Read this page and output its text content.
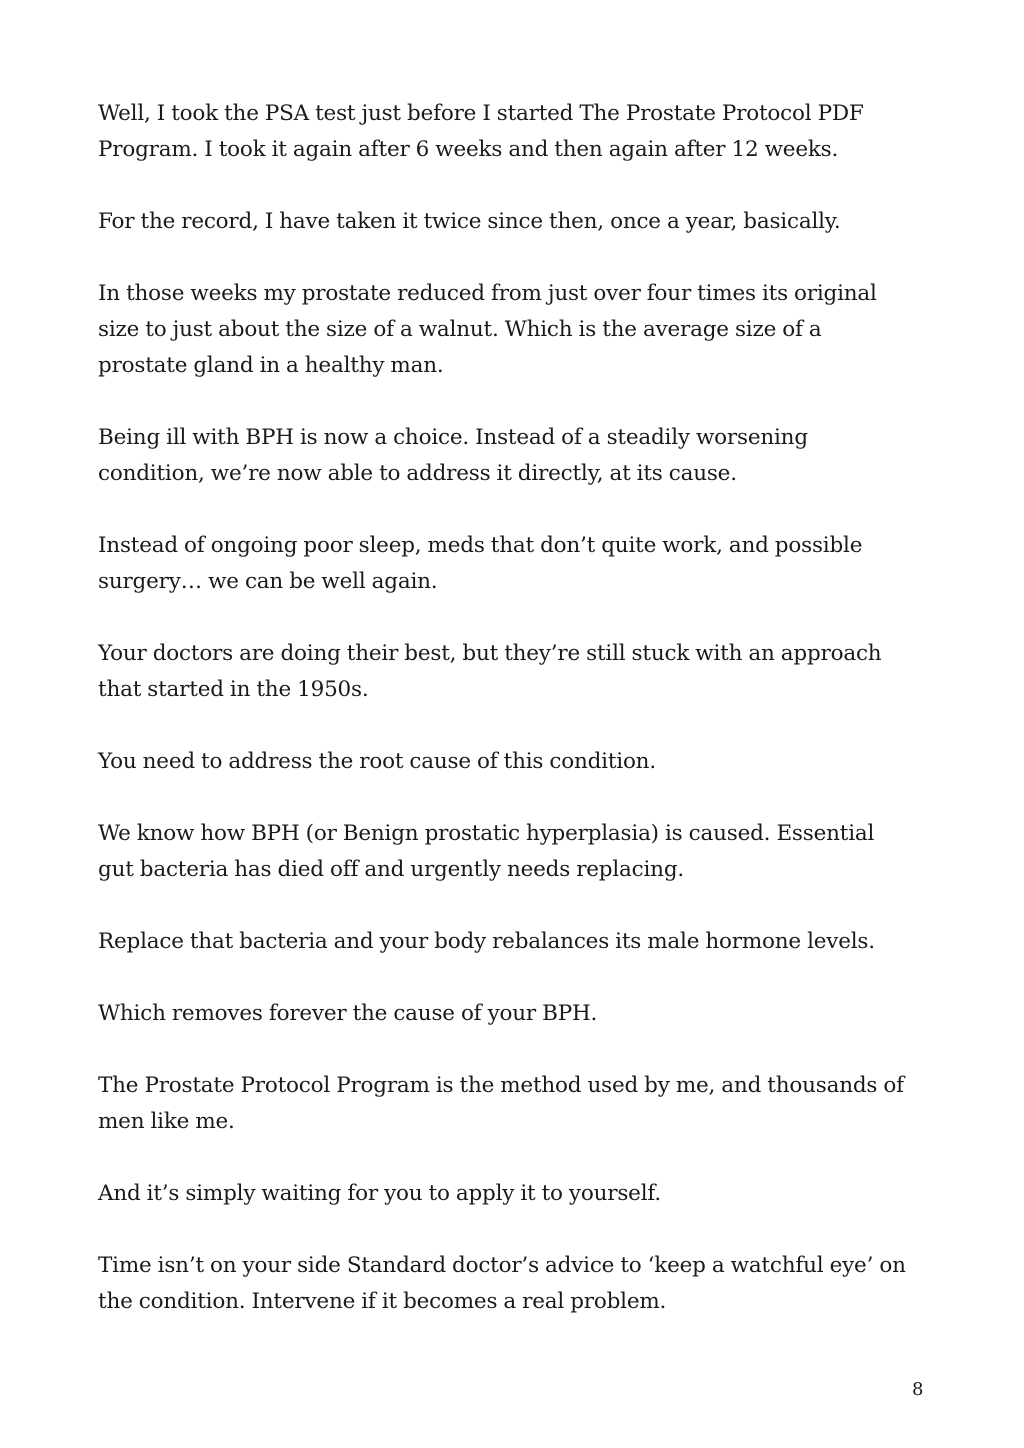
Well, I took the PSA test just before I started The Prostate Protocol PDF
Program. I took it again after 6 weeks and then again after 12 weeks.

For the record, I have taken it twice since then, once a year, basically.

In those weeks my prostate reduced from just over four times its original
size to just about the size of a walnut. Which is the average size of a
prostate gland in a healthy man.

Being ill with BPH is now a choice. Instead of a steadily worsening
condition, we’re now able to address it directly, at its cause.

Instead of ongoing poor sleep, meds that don’t quite work, and possible
surgery… we can be well again.

Your doctors are doing their best, but they’re still stuck with an approach
that started in the 1950s.

You need to address the root cause of this condition.

We know how BPH (or Benign prostatic hyperplasia) is caused. Essential
gut bacteria has died off and urgently needs replacing.

Replace that bacteria and your body rebalances its male hormone levels.

Which removes forever the cause of your BPH.

The Prostate Protocol Program is the method used by me, and thousands of
men like me.

And it’s simply waiting for you to apply it to yourself.

Time isn’t on your side Standard doctor’s advice to ‘keep a watchful eye’ on
the condition. Intervene if it becomes a real problem.

8
